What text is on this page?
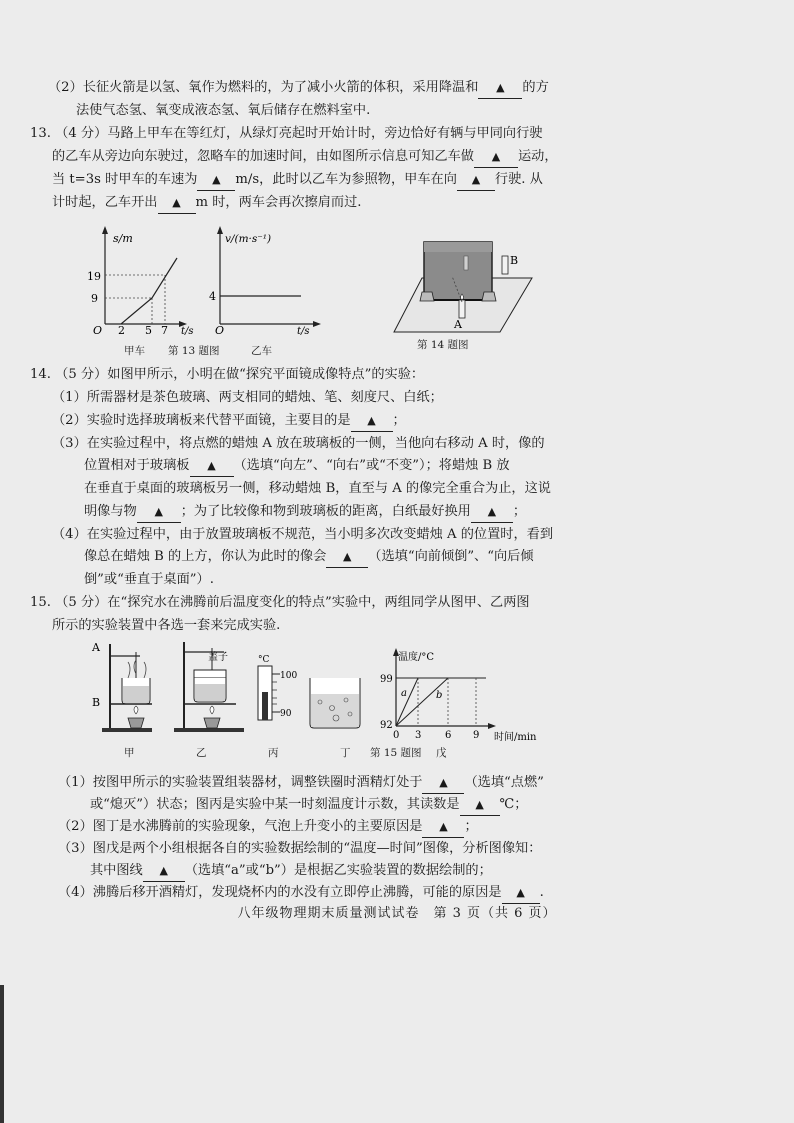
（2）长征火箭是以氢、氧作为燃料的，为了减小火箭的体积，采用降温和 ▲ 的方
法使气态氢、氧变成液态氢、氧后储存在燃料室中.
13. （4 分）马路上甲车在等红灯，从绿灯亮起时开始计时，旁边恰好有辆与甲同向行驶
的乙车从旁边向东驶过，忽略车的加速时间，由如图所示信息可知乙车做 ▲ 运动，
当 t=3s 时甲车的车速为 ▲ m/s，此时以乙车为参照物，甲车在向 ▲ 行驶. 从
计时起，乙车开出 ▲ m 时，两车会再次擦肩而过.
s/m
19
9
O 2 5 7 t/s
v/(m·s⁻¹)
4
O	t/s
甲车 第 13 题图	乙车
A
B
第 14 题图
14. （5 分）如图甲所示，小明在做“探究平面镜成像特点”的实验：
（1）所需器材是茶色玻璃、两支相同的蜡烛、笔、刻度尺、白纸；
（2）实验时选择玻璃板来代替平面镜，主要目的是 ▲ ；
（3）在实验过程中，将点燃的蜡烛 A 放在玻璃板的一侧，当他向右移动 A 时，像的
位置相对于玻璃板 ▲ （选填“向左”、“向右”或“不变”）；将蜡烛 B 放
在垂直于桌面的玻璃板另一侧，移动蜡烛 B，直至与 A 的像完全重合为止，这说
明像与物 ▲ ；为了比较像和物到玻璃板的距离，白纸最好换用 ▲ ；
（4）在实验过程中，由于放置玻璃板不规范，当小明多次改变蜡烛 A 的位置时，看到
像总在蜡烛 B 的上方，你认为此时的像会 ▲ （选填“向前倾倒”、“向后倾
倒”或“垂直于桌面”）.
15. （5 分）在“探究水在沸腾前后温度变化的特点”实验中，两组同学从图甲、乙两图
所示的实验装置中各选一套来完成实验.
A
B
盖子	°C
100
90
温度/°C
99
92
0 3 6 9 时间/min
a	b
甲	乙	丙	丁 第 15 题图 戊
（1）按图甲所示的实验装置组装器材，调整铁圈时酒精灯处于 ▲ （选填“点燃”
或“熄灭”）状态；图丙是实验中某一时刻温度计示数，其读数是 ▲ ℃；
（2）图丁是水沸腾前的实验现象，气泡上升变小的主要原因是 ▲ ；
（3）图戊是两个小组根据各自的实验数据绘制的“温度—时间”图像，分析图像知：
其中图线 ▲ （选填“a”或“b”）是根据乙实验装置的数据绘制的；
（4）沸腾后移开酒精灯，发现烧杯内的水没有立即停止沸腾，可能的原因是 ▲ .
八年级物理期末质量测试试卷　第 3 页（共 6 页）
